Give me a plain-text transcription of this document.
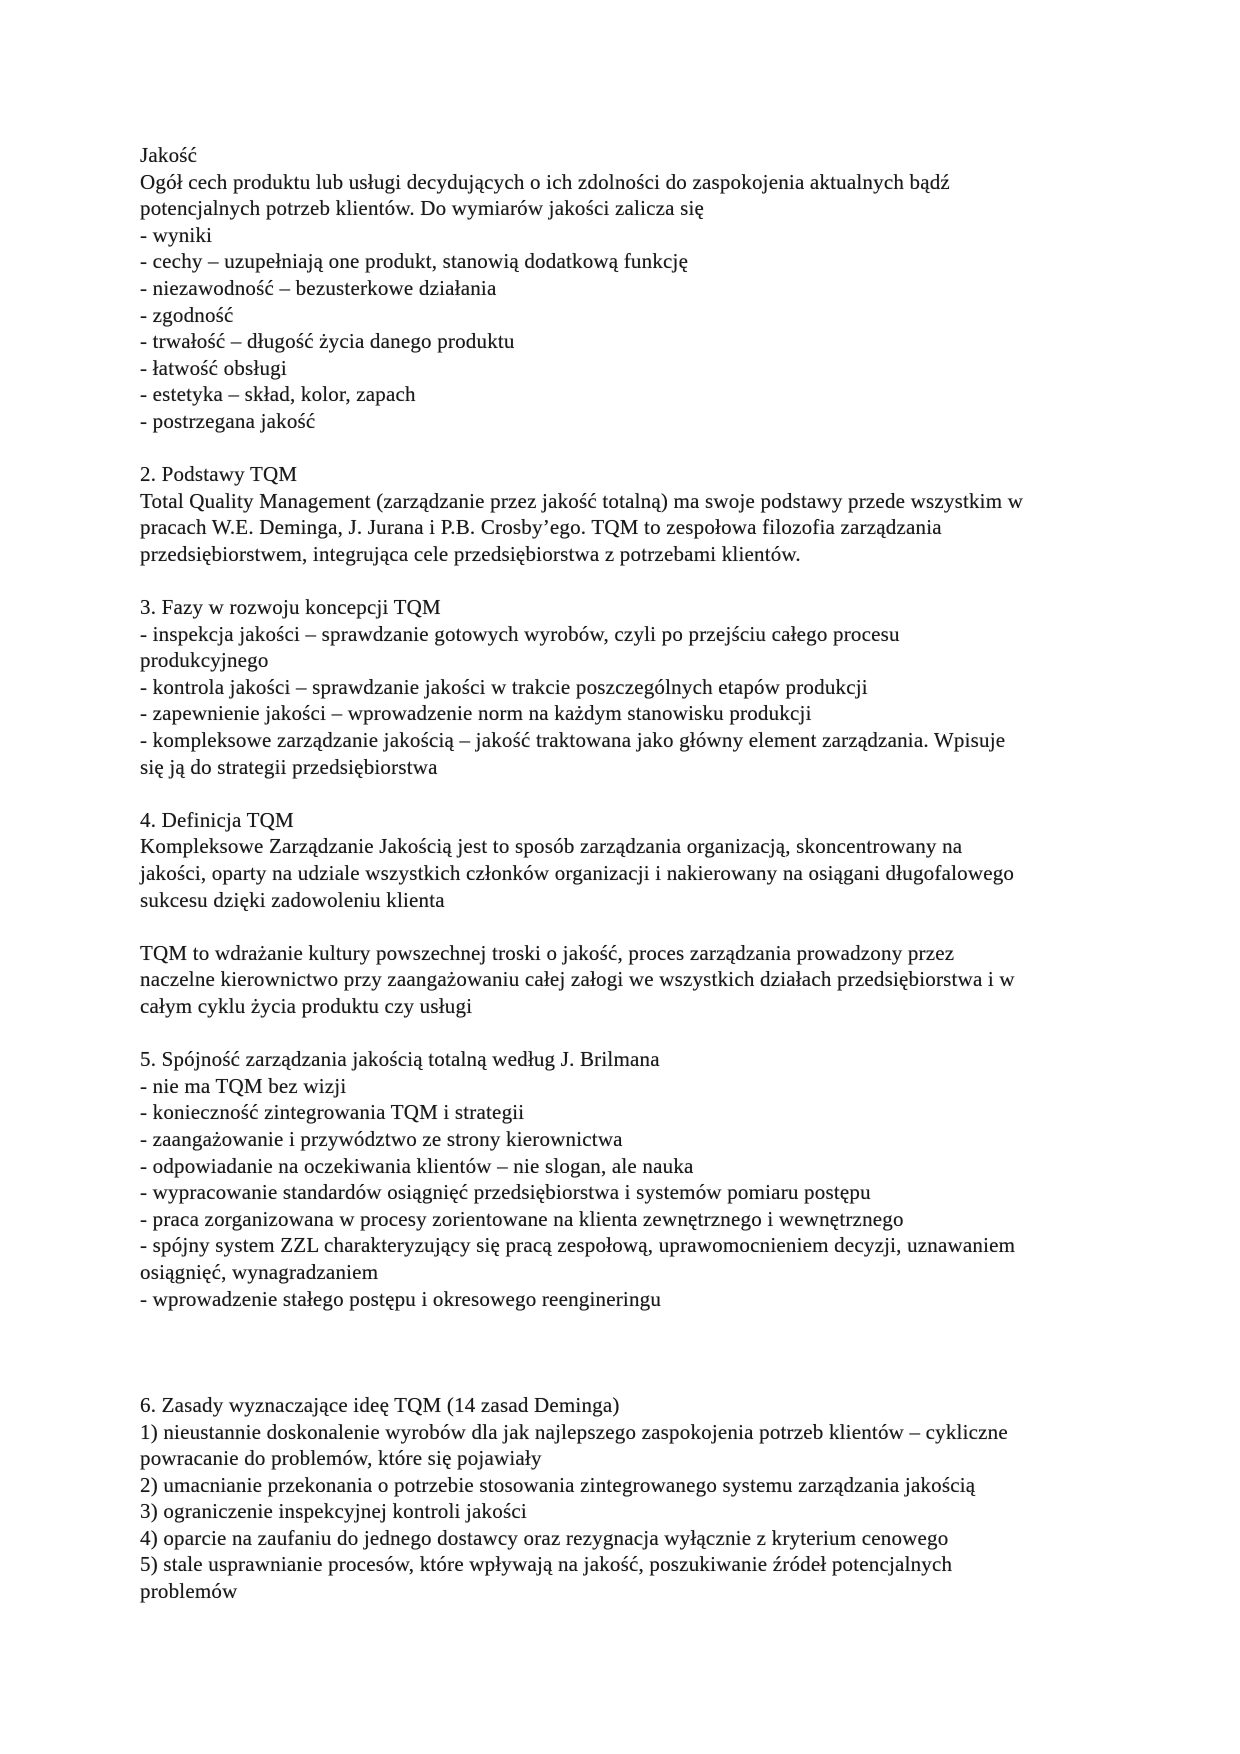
Jakość
Ogół cech produktu lub usługi decydujących o ich zdolności do zaspokojenia aktualnych bądź
potencjalnych potrzeb klientów. Do wymiarów jakości zalicza się
- wyniki
- cechy – uzupełniają one produkt, stanowią dodatkową funkcję
- niezawodność – bezusterkowe działania
- zgodność
- trwałość – długość życia danego produktu
- łatwość obsługi
- estetyka – skład, kolor, zapach
- postrzegana jakość
2. Podstawy TQM
Total Quality Management (zarządzanie przez jakość totalną) ma swoje podstawy przede wszystkim w
pracach W.E. Deminga, J. Jurana i P.B. Crosby’ego. TQM to zespołowa filozofia zarządzania
przedsiębiorstwem, integrująca cele przedsiębiorstwa z potrzebami klientów.
3. Fazy w rozwoju koncepcji TQM
- inspekcja jakości – sprawdzanie gotowych wyrobów, czyli po przejściu całego procesu
produkcyjnego
- kontrola jakości – sprawdzanie jakości w trakcie poszczególnych etapów produkcji
- zapewnienie jakości – wprowadzenie norm na każdym stanowisku produkcji
- kompleksowe zarządzanie jakością – jakość traktowana jako główny element zarządzania. Wpisuje
się ją do strategii przedsiębiorstwa
4. Definicja TQM
Kompleksowe Zarządzanie Jakością jest to sposób zarządzania organizacją, skoncentrowany na
jakości, oparty na udziale wszystkich członków organizacji i nakierowany na osiągani długofalowego
sukcesu dzięki zadowoleniu klienta
TQM to wdrażanie kultury powszechnej troski o jakość, proces zarządzania prowadzony przez
naczelne kierownictwo przy zaangażowaniu całej załogi we wszystkich działach przedsiębiorstwa i w
całym cyklu życia produktu czy usługi
5. Spójność zarządzania jakością totalną według J. Brilmana
- nie ma TQM bez wizji
- konieczność zintegrowania TQM i strategii
- zaangażowanie i przywództwo ze strony kierownictwa
- odpowiadanie na oczekiwania klientów – nie slogan, ale nauka
- wypracowanie standardów osiągnięć przedsiębiorstwa i systemów pomiaru postępu
- praca zorganizowana w procesy zorientowane na klienta zewnętrznego i wewnętrznego
- spójny system ZZL charakteryzujący się pracą zespołową, uprawomocnieniem decyzji, uznawaniem
osiągnięć, wynagradzaniem
- wprowadzenie stałego postępu i okresowego reengineringu
6. Zasady wyznaczające ideę TQM (14 zasad Deminga)
1) nieustannie doskonalenie wyrobów dla jak najlepszego zaspokojenia potrzeb klientów – cykliczne
powracanie do problemów, które się pojawiały
2) umacnianie przekonania o potrzebie stosowania zintegrowanego systemu zarządzania jakością
3) ograniczenie inspekcyjnej kontroli jakości
4) oparcie na zaufaniu do jednego dostawcy oraz rezygnacja wyłącznie z kryterium cenowego
5) stale usprawnianie procesów, które wpływają na jakość, poszukiwanie źródeł potencjalnych
problemów
